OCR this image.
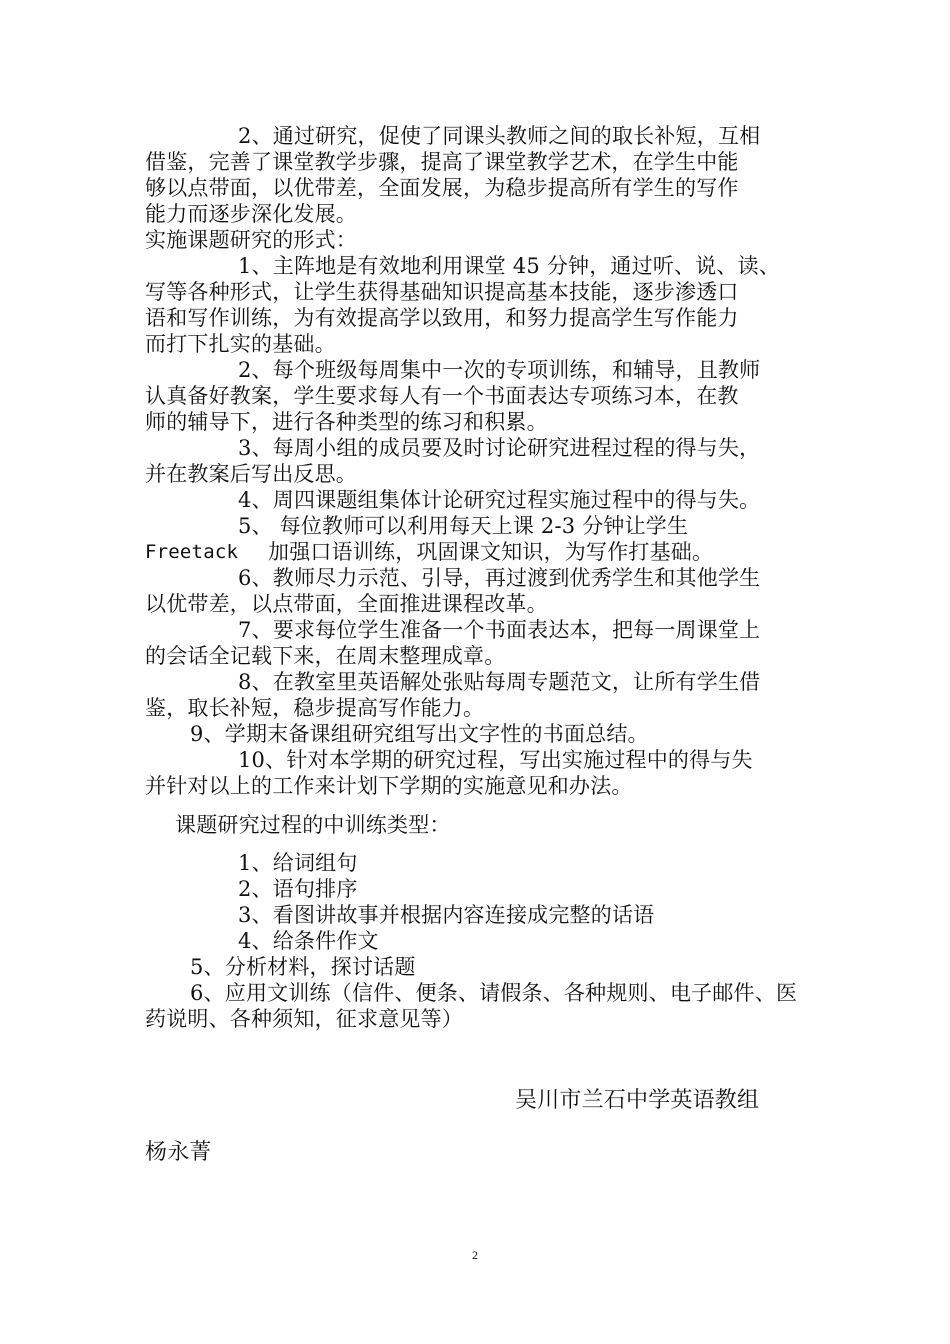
2、通过研究，促使了同课头教师之间的取长补短，互相
借鉴，完善了课堂教学步骤，提高了课堂教学艺术，在学生中能
够以点带面，以优带差，全面发展，为稳步提高所有学生的写作
能力而逐步深化发展。
实施课题研究的形式：
1、主阵地是有效地利用课堂 45 分钟，通过听、说、读、
写等各种形式，让学生获得基础知识提高基本技能，逐步渗透口
语和写作训练，为有效提高学以致用，和努力提高学生写作能力
而打下扎实的基础。
2、每个班级每周集中一次的专项训练，和辅导，且教师
认真备好教案，学生要求每人有一个书面表达专项练习本，在教
师的辅导下，进行各种类型的练习和积累。
3、每周小组的成员要及时讨论研究进程过程的得与失，
并在教案后写出反思。
4、周四课题组集体计论研究过程实施过程中的得与失。
5、 每位教师可以利用每天上课 2-3 分钟让学生
Freetack 加强口语训练，巩固课文知识，为写作打基础。
6、教师尽力示范、引导，再过渡到优秀学生和其他学生
以优带差，以点带面，全面推进课程改革。
7、要求每位学生准备一个书面表达本，把每一周课堂上
的会话全记载下来，在周末整理成章。
8、在教室里英语解处张贴每周专题范文，让所有学生借
鉴，取长补短，稳步提高写作能力。
9、学期末备课组研究组写出文字性的书面总结。
10、针对本学期的研究过程，写出实施过程中的得与失
并针对以上的工作来计划下学期的实施意见和办法。
课题研究过程的中训练类型：
1、给词组句
2、语句排序
3、看图讲故事并根据内容连接成完整的话语
4、给条件作文
5、分析材料，探讨话题
6、应用文训练（信件、便条、请假条、各种规则、电子邮件、医
药说明、各种须知，征求意见等）
吴川市兰石中学英语教组
杨永菁
2
